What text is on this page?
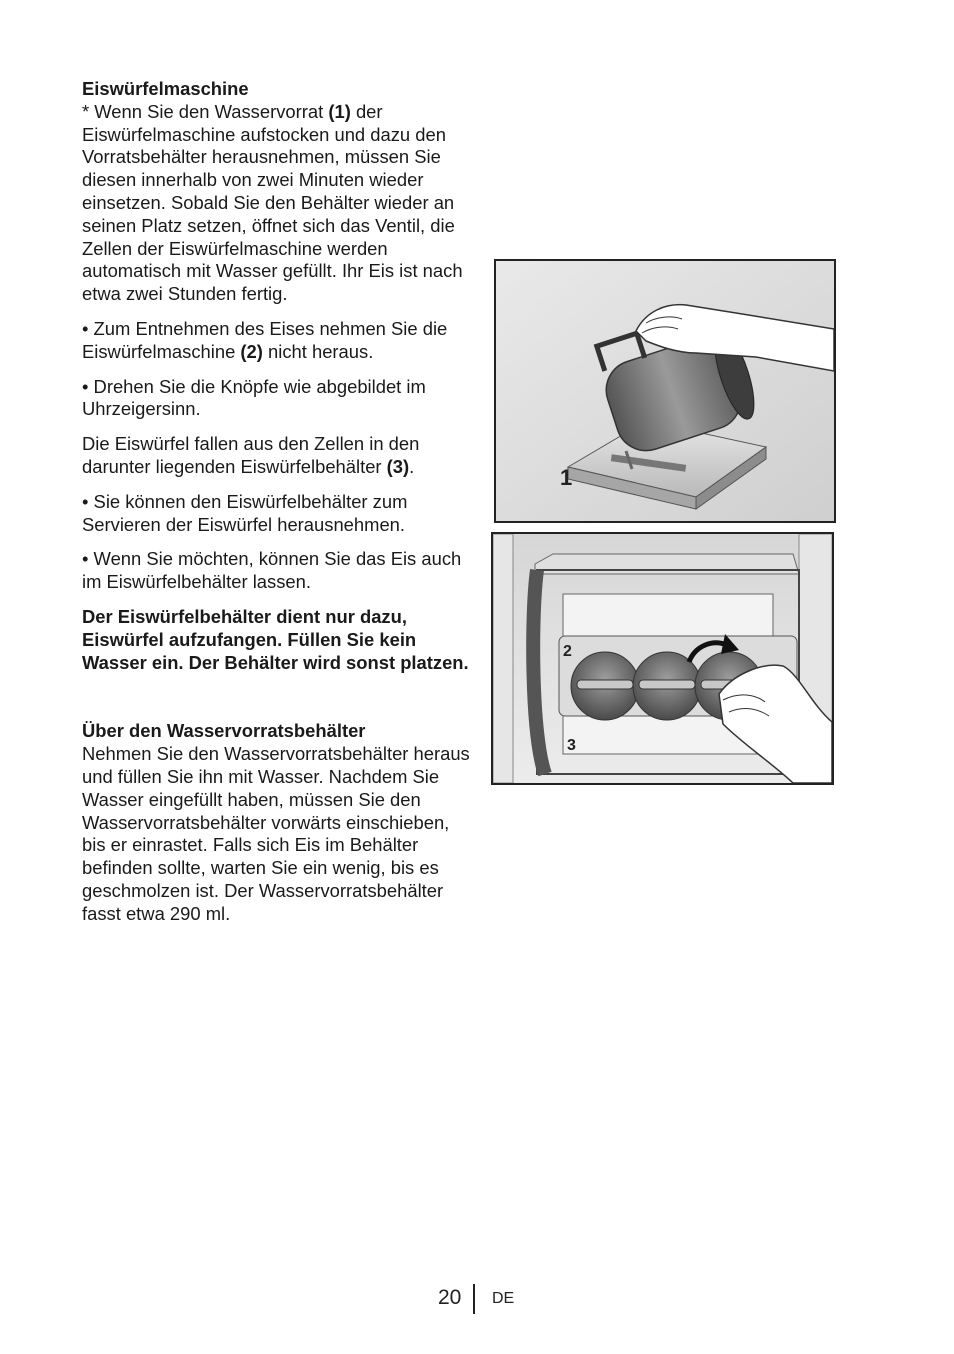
Eiswürfelmaschine
* Wenn Sie den Wasservorrat (1) der Eiswürfelmaschine aufstocken und dazu den Vorratsbehälter herausnehmen, müssen Sie diesen innerhalb von zwei Minuten wieder einsetzen. Sobald Sie den Behälter wieder an seinen Platz setzen, öffnet sich das Ventil, die Zellen der Eiswürfelmaschine werden automatisch mit Wasser gefüllt. Ihr Eis ist nach etwa zwei Stunden fertig.

• Zum Entnehmen des Eises nehmen Sie die Eiswürfelmaschine (2) nicht heraus.

• Drehen Sie die Knöpfe wie abgebildet im Uhrzeigersinn.

Die Eiswürfel fallen aus den Zellen in den darunter liegenden Eiswürfelbehälter (3).

• Sie können den Eiswürfelbehälter zum Servieren der Eiswürfel herausnehmen.

• Wenn Sie möchten, können Sie das Eis auch im Eiswürfelbehälter lassen.

Der Eiswürfelbehälter dient nur dazu, Eiswürfel aufzufangen. Füllen Sie kein Wasser ein. Der Behälter wird sonst platzen.

Über den Wasservorratsbehälter
Nehmen Sie den Wasservorratsbehälter heraus und füllen Sie ihn mit Wasser. Nachdem Sie Wasser eingefüllt haben, müssen Sie den Wasservorratsbehälter vorwärts einschieben, bis er einrastet. Falls sich Eis im Behälter befinden sollte, warten Sie ein wenig, bis es geschmolzen ist. Der Wasservorratsbehälter fasst etwa 290 ml.

1
2
3
20 DE
